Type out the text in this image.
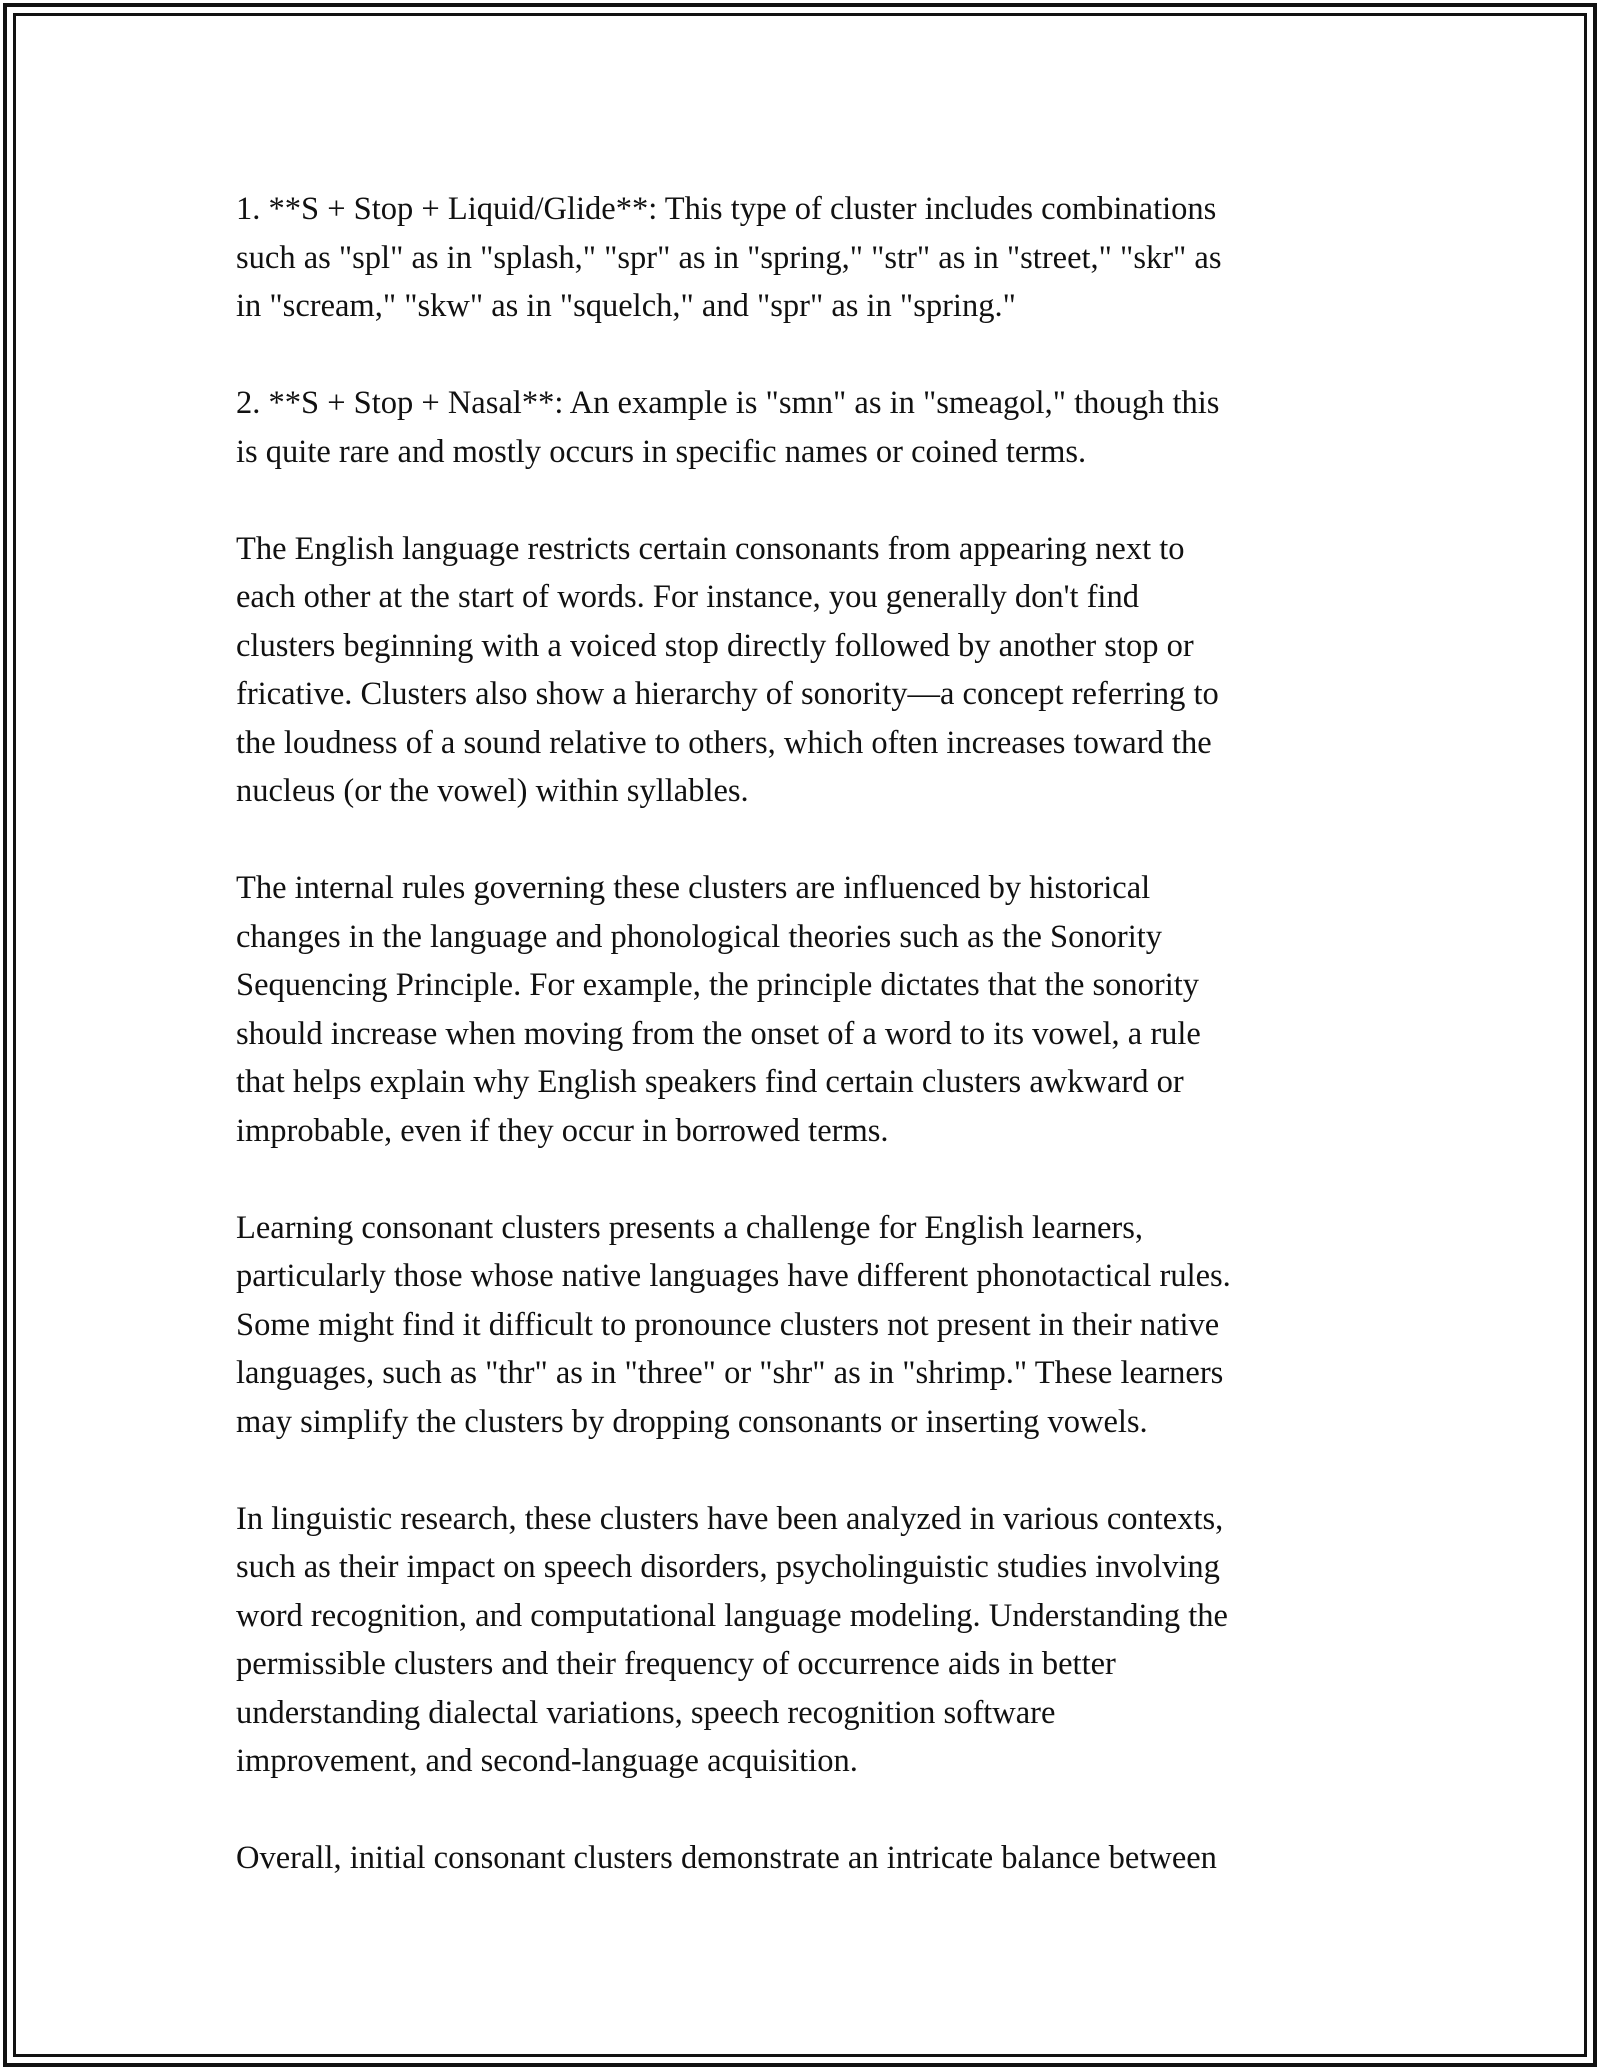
1. **S + Stop + Liquid/Glide**: This type of cluster includes combinations
such as "spl" as in "splash," "spr" as in "spring," "str" as in "street," "skr" as
in "scream," "skw" as in "squelch," and "spr" as in "spring."

2. **S + Stop + Nasal**: An example is "smn" as in "smeagol," though this
is quite rare and mostly occurs in specific names or coined terms.

The English language restricts certain consonants from appearing next to
each other at the start of words. For instance, you generally don't find
clusters beginning with a voiced stop directly followed by another stop or
fricative. Clusters also show a hierarchy of sonority—a concept referring to
the loudness of a sound relative to others, which often increases toward the
nucleus (or the vowel) within syllables.

The internal rules governing these clusters are influenced by historical
changes in the language and phonological theories such as the Sonority
Sequencing Principle. For example, the principle dictates that the sonority
should increase when moving from the onset of a word to its vowel, a rule
that helps explain why English speakers find certain clusters awkward or
improbable, even if they occur in borrowed terms.

Learning consonant clusters presents a challenge for English learners,
particularly those whose native languages have different phonotactical rules.
Some might find it difficult to pronounce clusters not present in their native
languages, such as "thr" as in "three" or "shr" as in "shrimp." These learners
may simplify the clusters by dropping consonants or inserting vowels.

In linguistic research, these clusters have been analyzed in various contexts,
such as their impact on speech disorders, psycholinguistic studies involving
word recognition, and computational language modeling. Understanding the
permissible clusters and their frequency of occurrence aids in better
understanding dialectal variations, speech recognition software
improvement, and second-language acquisition.

Overall, initial consonant clusters demonstrate an intricate balance between
